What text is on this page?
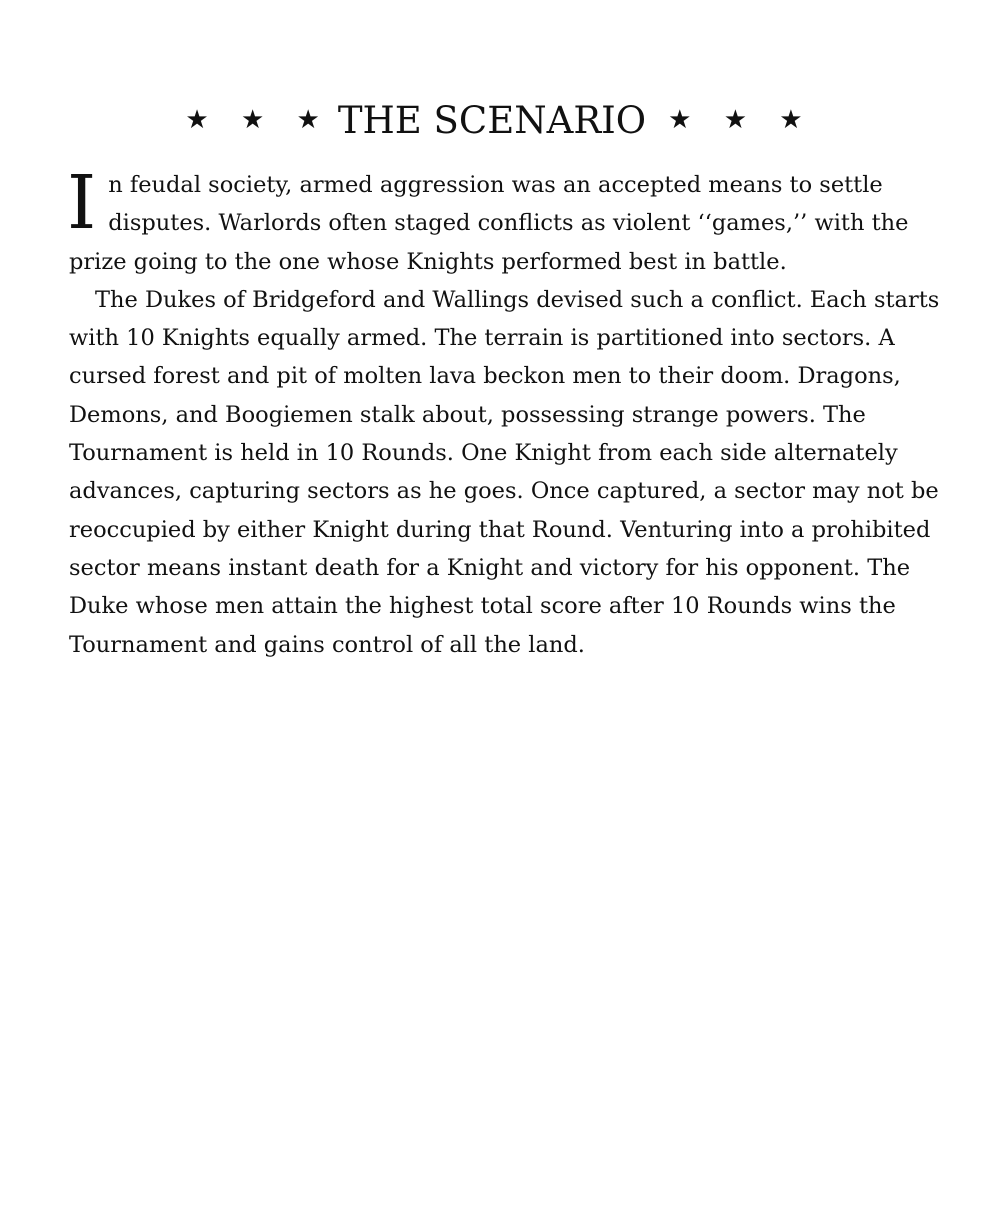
★ ★ ★ THE SCENARIO ★ ★ ★

In feudal society, armed aggression was an accepted means to settle disputes. Warlords often staged conflicts as violent ‘‘games,’’ with the prize going to the one whose Knights performed best in battle.

The Dukes of Bridgeford and Wallings devised such a conflict. Each starts with 10 Knights equally armed. The terrain is partitioned into sectors. A cursed forest and pit of molten lava beckon men to their doom. Dragons, Demons, and Boogiemen stalk about, possessing strange powers. The Tournament is held in 10 Rounds. One Knight from each side alternately advances, capturing sectors as he goes. Once captured, a sector may not be reoccupied by either Knight during that Round. Venturing into a prohibited sector means instant death for a Knight and victory for his opponent. The Duke whose men attain the highest total score after 10 Rounds wins the Tournament and gains control of all the land.
